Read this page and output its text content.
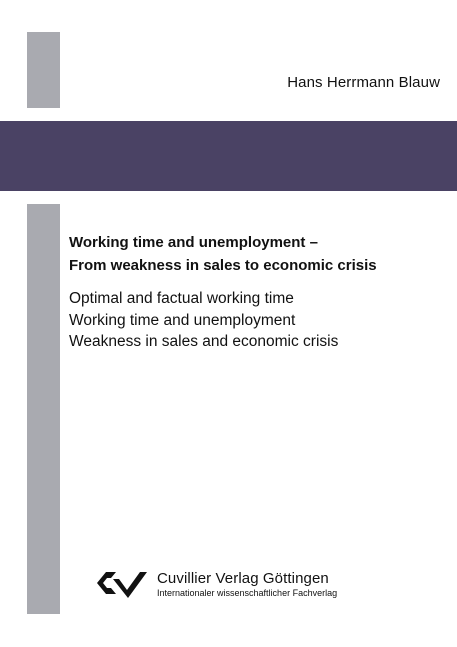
Hans Herrmann Blauw
Working time and unemployment –
From weakness in sales to economic crisis
Optimal and factual working time
Working time and unemployment
Weakness in sales and economic crisis
Cuvillier Verlag Göttingen
Internationaler wissenschaftlicher Fachverlag
